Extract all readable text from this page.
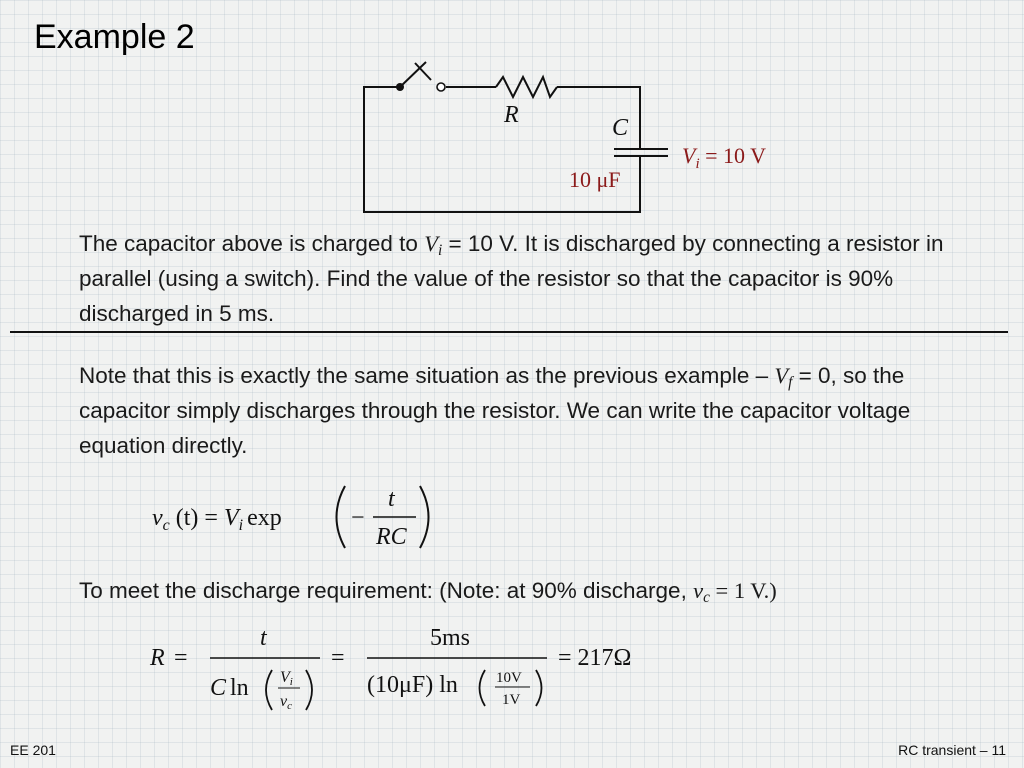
Example 2
R	C
10 μF
$V_i = 10$ V

The capacitor above is charged to $V_i = 10$ V. It is discharged by connecting a resistor in parallel (using a switch). Find the value of the resistor so that the capacitor is 90% discharged in 5 ms.

Note that this is exactly the same situation as the previous example – $V_f = 0$, so the capacitor simply discharges through the resistor. We can write the capacitor voltage equation directly.

$v_c$ $(t) = V_i$ exp	−
t
RC

To meet the discharge requirement: (Note: at 90% discharge, $v_c = 1$ V.)

R =
t
C ln Vi
vc
=
5ms
(10μF) ln	10V
1V
= 217Ω
EE 201	RC transient – 11
